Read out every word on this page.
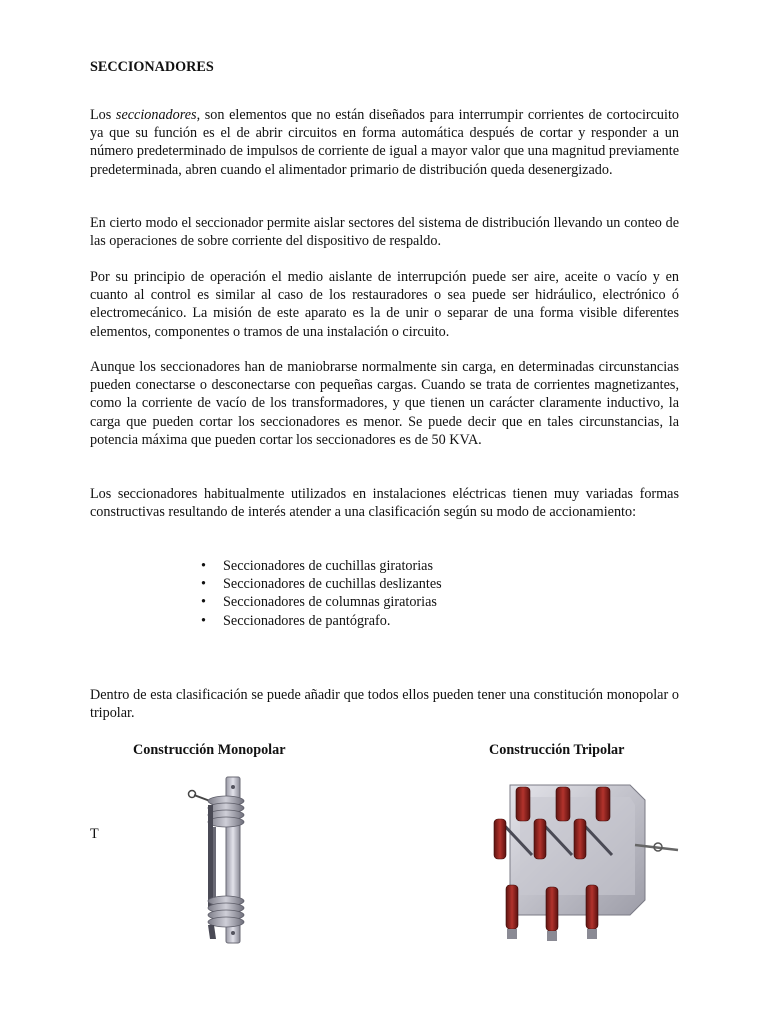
SECCIONADORES

Los seccionadores, son elementos que no están diseñados para interrumpir corrientes de cortocircuito ya que su función es el de abrir circuitos en forma automática después de cortar y responder a un número predeterminado de impulsos de corriente de igual a mayor valor que una magnitud previamente predeterminada, abren cuando el alimentador primario de distribución queda desenergizado.

En cierto modo el seccionador permite aislar sectores del sistema de distribución llevando un conteo de las operaciones de sobre corriente del dispositivo de respaldo.

Por su principio de operación el medio aislante de interrupción puede ser aire, aceite o vacío y en cuanto al control es similar al caso de los restauradores o sea puede ser hidráulico, electrónico ó electromecánico. La misión de este aparato es la de unir o separar de una forma visible diferentes elementos, componentes o tramos de una instalación o circuito.

Aunque los seccionadores han de maniobrarse normalmente sin carga, en determinadas circunstancias pueden conectarse o desconectarse con pequeñas cargas. Cuando se trata de corrientes magnetizantes, como la corriente de vacío de los transformadores, y que tienen un carácter claramente inductivo, la carga que pueden cortar los seccionadores es menor. Se puede decir que en tales circunstancias, la potencia máxima que pueden cortar los seccionadores es de 50 KVA.

Los seccionadores habitualmente utilizados en instalaciones eléctricas tienen muy variadas formas constructivas resultando de interés atender a una clasificación según su modo de accionamiento:

• Seccionadores de cuchillas giratorias
• Seccionadores de cuchillas deslizantes
• Seccionadores de columnas giratorias
• Seccionadores de pantógrafo.

Dentro de esta clasificación se puede añadir que todos ellos pueden tener una constitución monopolar o tripolar.

Construcción Monopolar	Construcción Tripolar

T
